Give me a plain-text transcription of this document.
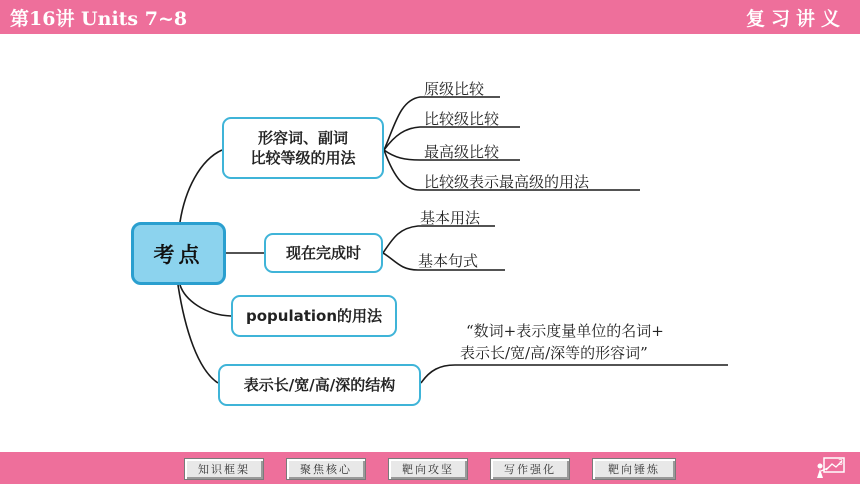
第16讲 Units 7~8	复习讲义
考点
形容词、副词
比较等级的用法
现在完成时
population的用法
表示长/宽/高/深的结构
原级比较
比较级比较
最高级比较
比较级表示最高级的用法
基本用法
基本句式
“数词+表示度量单位的名词+
表示长/宽/高/深等的形容词”
知识框架	聚焦核心	靶向攻坚	写作强化	靶向锤炼
3
